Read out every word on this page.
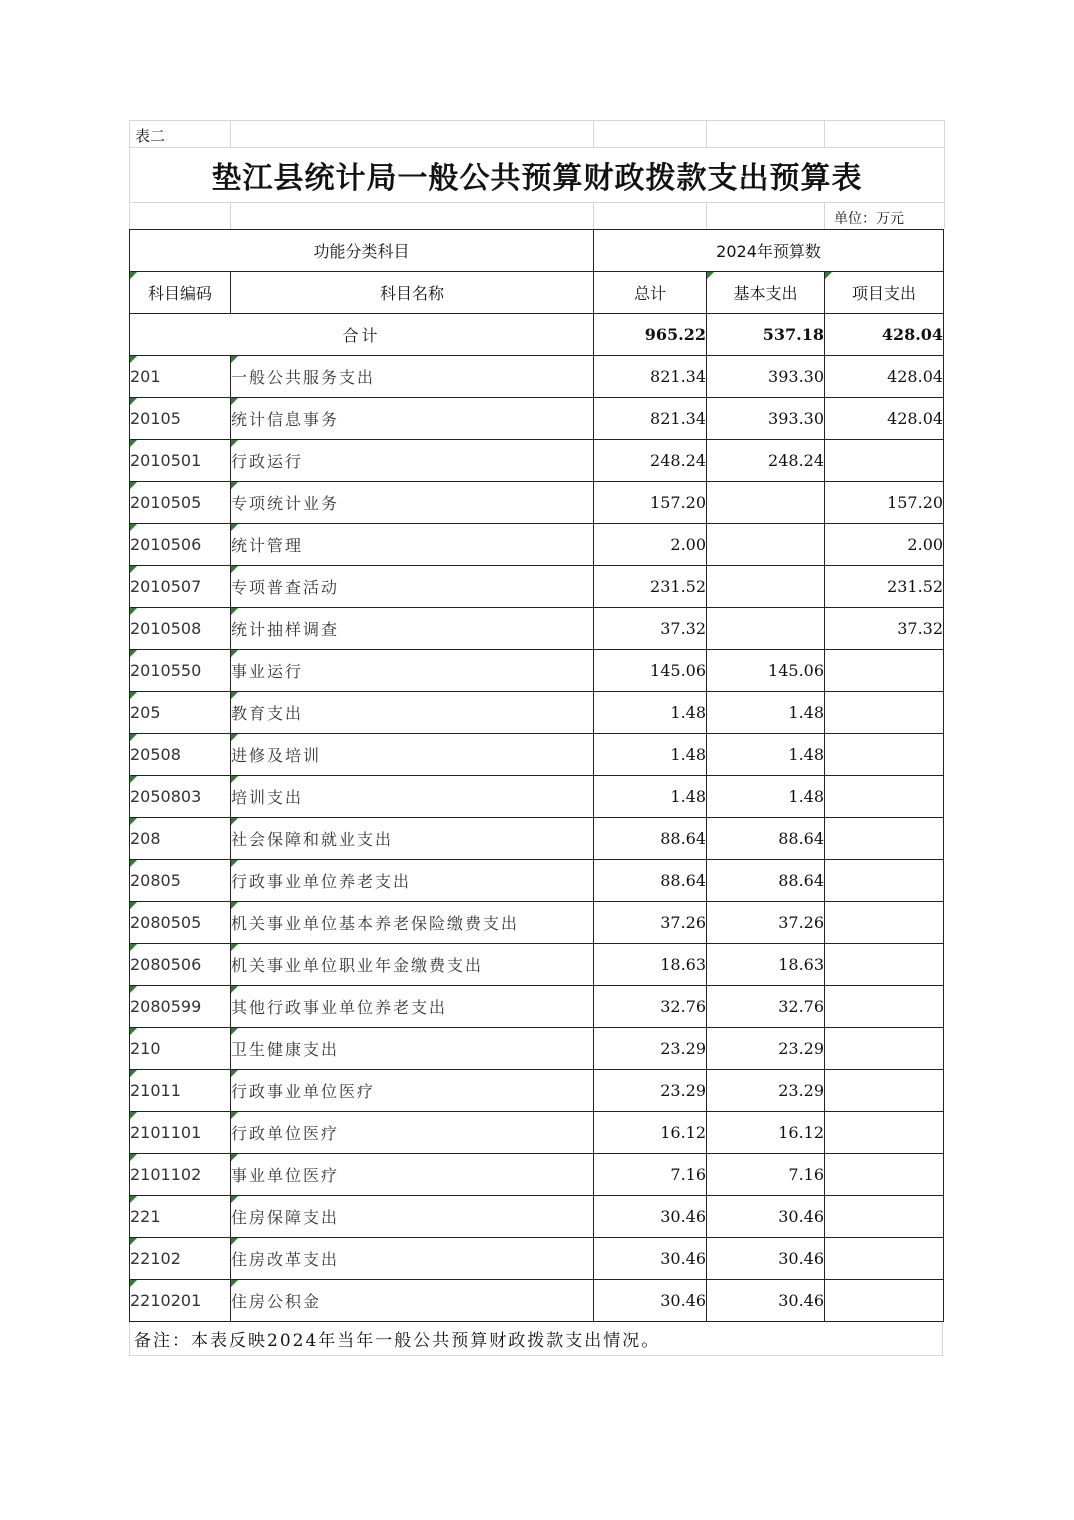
表二
垫江县统计局一般公共预算财政拨款支出预算表
单位：万元
功能分类科目		2024年预算数		
科目编码	科目名称	总计	基本支出	项目支出
合计		965.22	537.18	428.04
201	一般公共服务支出	821.34	393.30	428.04
20105	统计信息事务	821.34	393.30	428.04
2010501	行政运行	248.24	248.24	
2010505	专项统计业务	157.20		157.20
2010506	统计管理	2.00		2.00
2010507	专项普查活动	231.52		231.52
2010508	统计抽样调查	37.32		37.32
2010550	事业运行	145.06	145.06	
205	教育支出	1.48	1.48	
20508	进修及培训	1.48	1.48	
2050803	培训支出	1.48	1.48	
208	社会保障和就业支出	88.64	88.64	
20805	行政事业单位养老支出	88.64	88.64	
2080505	机关事业单位基本养老保险缴费支出	37.26	37.26	
2080506	机关事业单位职业年金缴费支出	18.63	18.63	
2080599	其他行政事业单位养老支出	32.76	32.76	
210	卫生健康支出	23.29	23.29	
21011	行政事业单位医疗	23.29	23.29	
2101101	行政单位医疗	16.12	16.12	
2101102	事业单位医疗	7.16	7.16	
221	住房保障支出	30.46	30.46	
22102	住房改革支出	30.46	30.46	
2210201	住房公积金	30.46	30.46	
备注：本表反映2024年当年一般公共预算财政拨款支出情况。
